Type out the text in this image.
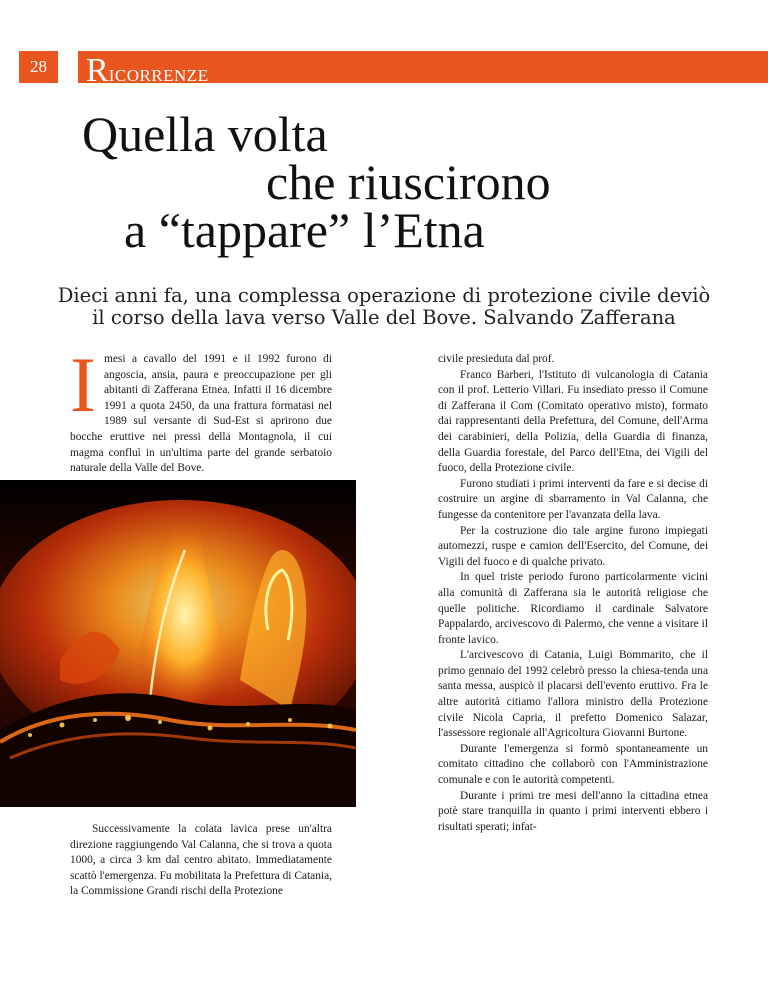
28	RICORRENZE
Quella volta
che riuscirono
a “tappare” l’Etna

Dieci anni fa, una complessa operazione di protezione civile deviò
il corso della lava verso Valle del Bove. Salvando Zafferana

Imesi a cavallo del 1991 e il 1992 furono di angoscia, ansia, paura e preoccupazione per gli abitanti di Zafferana Etnea. Infatti il 16 dicembre 1991 a quota 2450, da una frattura formatasi nel 1989 sul versante di Sud-Est si aprirono due bocche eruttive nei pressi della Montagnola, il cui magma confluì in un'ultima parte del grande serbatoio naturale della Valle del Bove.

Successivamente la colata lavica prese un'altra direzione raggiungendo Val Calanna, che si trova a quota 1000, a circa 3 km dal centro abitato. Immediatamente scattò l'emergenza. Fu mobilitata la Prefettura di Catania, la Commissione Grandi rischi della Protezione

civile presieduta dal prof.

Franco Barberi, l'Istituto di vulcanologia di Catania con il prof. Letterio Villari. Fu insediato presso il Comune di Zafferana il Com (Comitato operativo misto), formato dai rappresentanti della Prefettura, del Comune, dell'Arma dei carabinieri, della Polizia, della Guardia di finanza, della Guardia forestale, del Parco dell'Etna, dei Vigili del fuoco, della Protezione civile.

Furono studiati i primi interventi da fare e si decise di costruire un argine di sbarramento in Val Calanna, che fungesse da contenitore per l'avanzata della lava.

Per la costruzione dio tale argine furono impiegati automezzi, ruspe e camion dell'Esercito, del Comune, dei Vigili del fuoco e di qualche privato.

In quel triste periodo furono particolarmente vicini alla comunità di Zafferana sia le autorità religiose che quelle politiche. Ricordiamo il cardinale Salvatore Pappalardo, arcivescovo di Palermo, che venne a visitare il fronte lavico.

L'arcivescovo di Catania, Luigi Bommarito, che il primo gennaio del 1992 celebrò presso la chiesa-tenda una santa messa, auspicò il placarsi dell'evento eruttivo. Fra le altre autorità citiamo l'allora ministro della Protezione civile Nicola Capria, il prefetto Domenico Salazar, l'assessore regionale all'Agricoltura Giovanni Burtone.

Durante l'emergenza si formò spontaneamente un comitato cittadino che collaborò con l'Amministrazione comunale e con le autorità competenti.

Durante i primi tre mesi dell'anno la cittadina etnea potè stare tranquilla in quanto i primi interventi ebbero i risultati sperati; infat-
